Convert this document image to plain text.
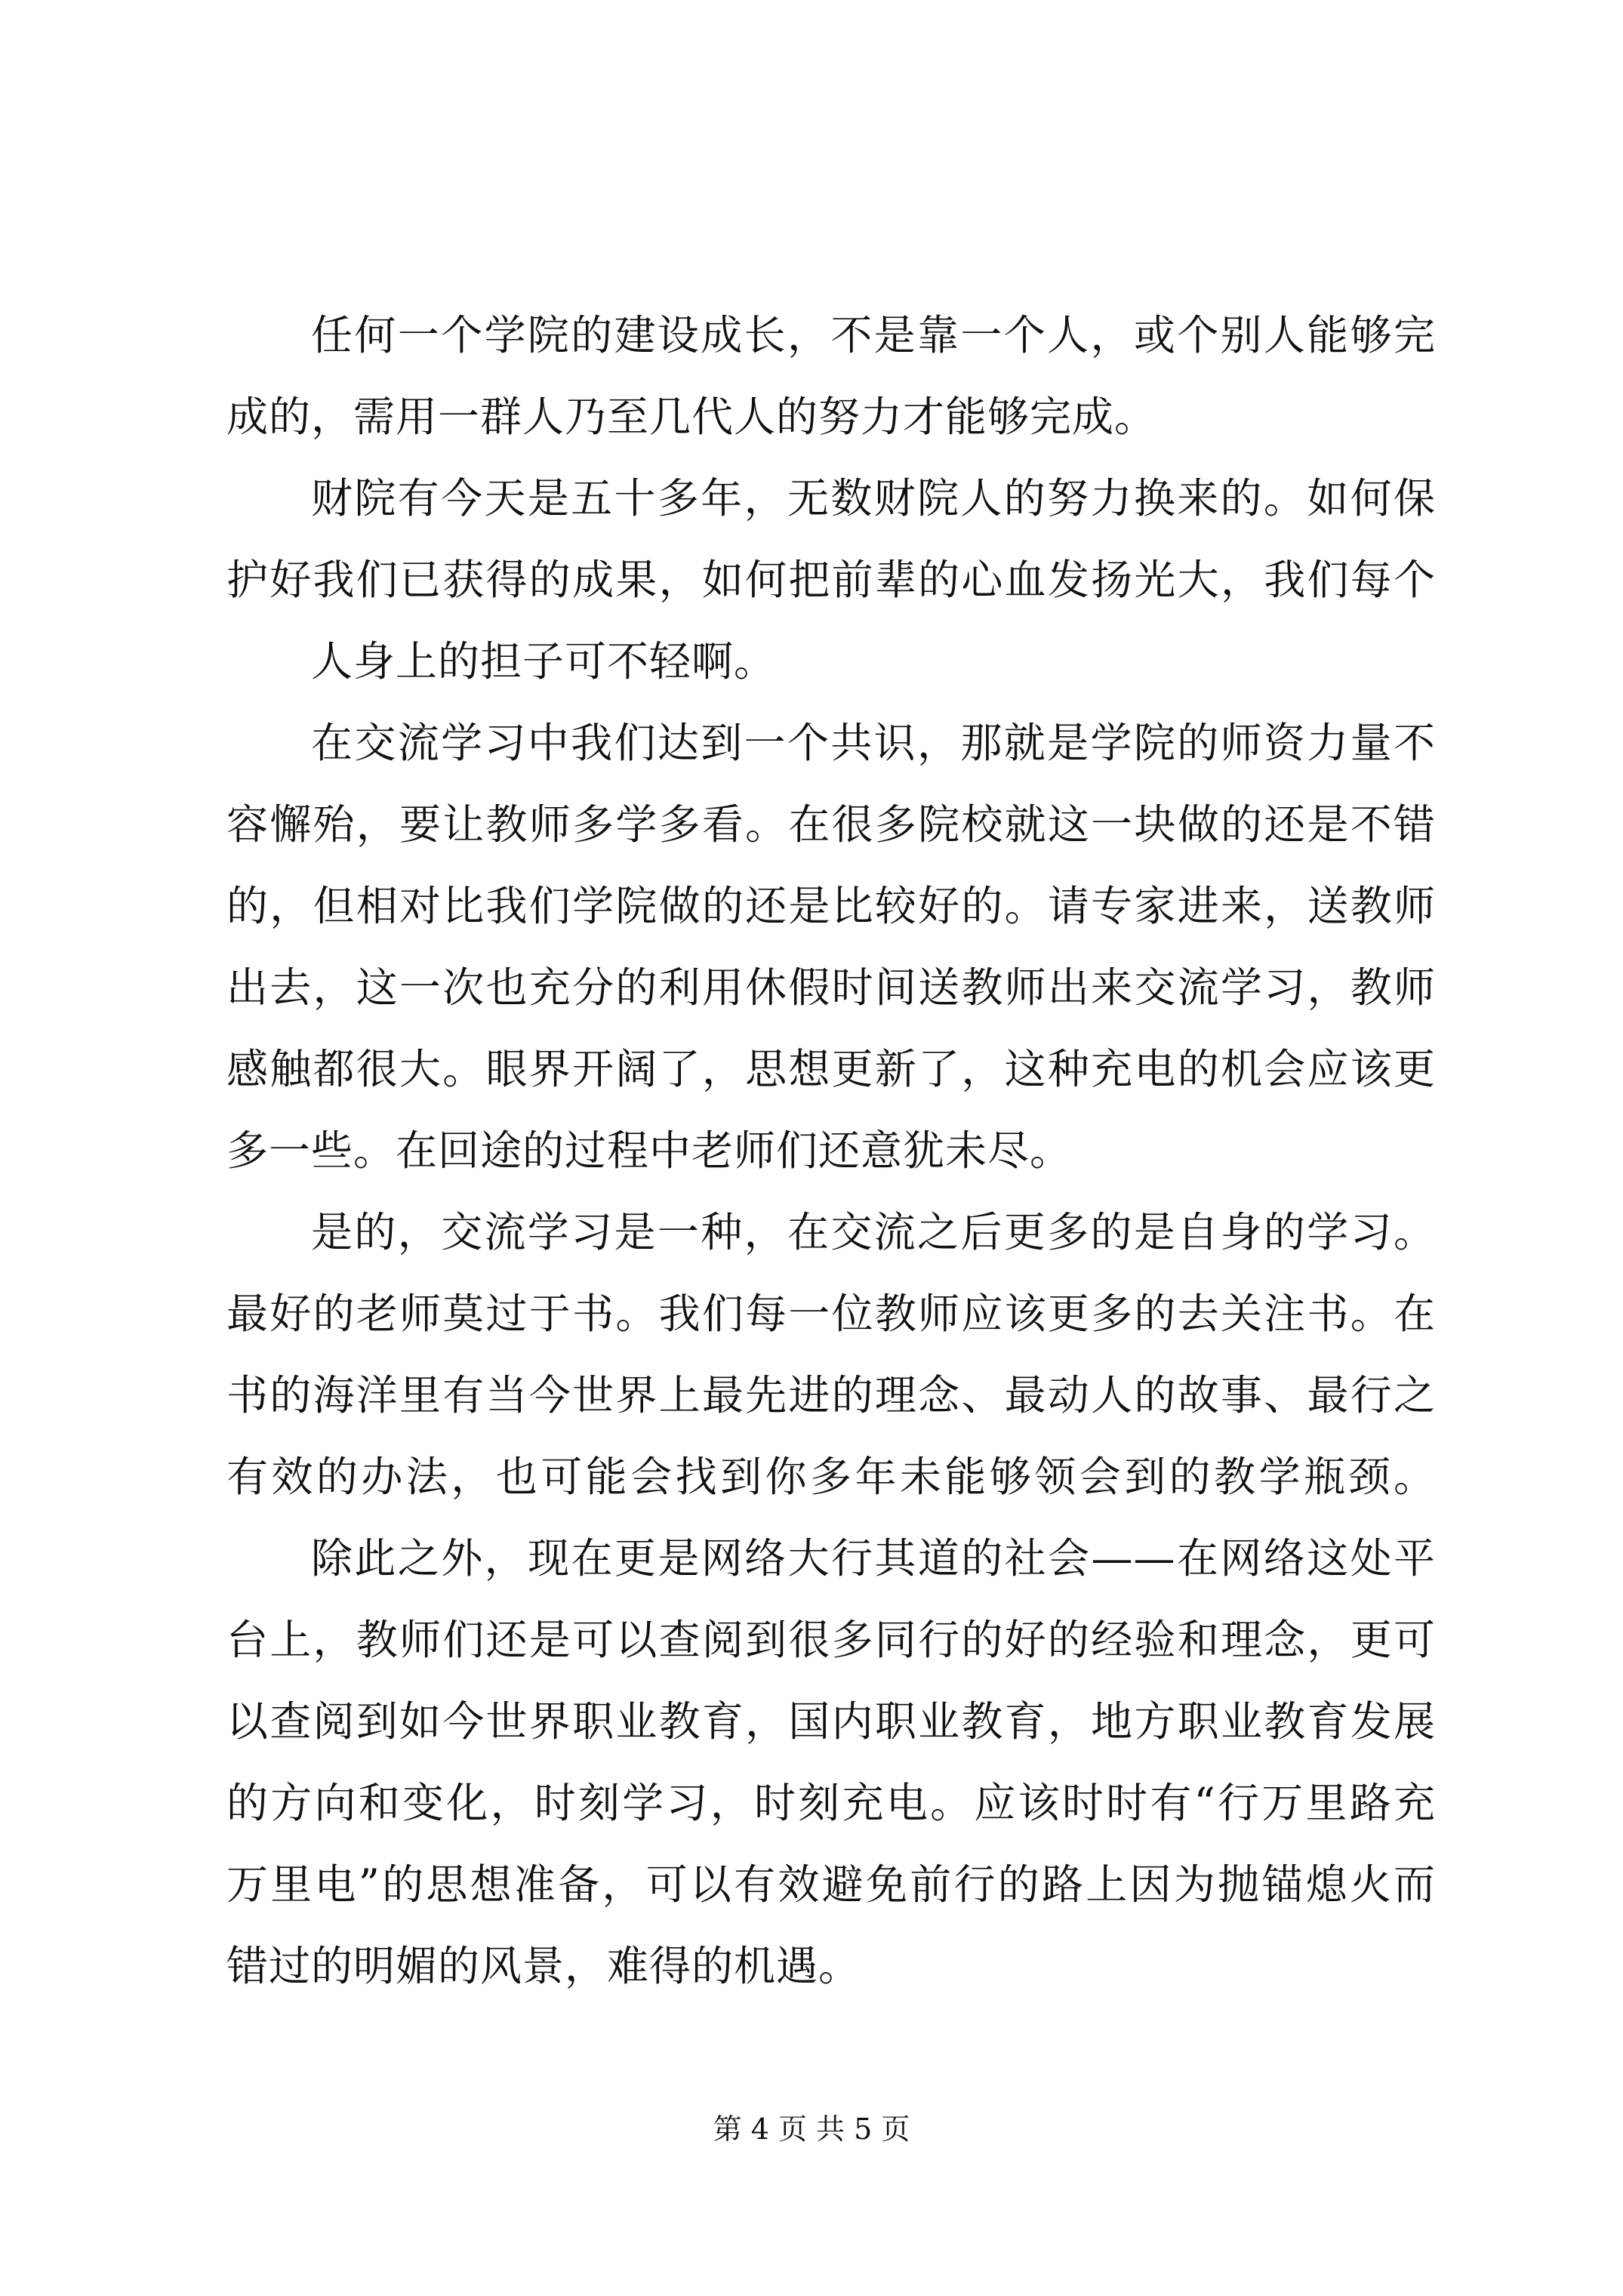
任何一个学院的建设成长，不是靠一个人，或个别人能够完
成的，需用一群人乃至几代人的努力才能够完成。
财院有今天是五十多年，无数财院人的努力换来的。如何保
护好我们已获得的成果，如何把前辈的心血发扬光大，我们每个
人身上的担子可不轻啊。
在交流学习中我们达到一个共识，那就是学院的师资力量不
容懈殆，要让教师多学多看。在很多院校就这一块做的还是不错
的，但相对比我们学院做的还是比较好的。请专家进来，送教师
出去，这一次也充分的利用休假时间送教师出来交流学习，教师
感触都很大。眼界开阔了，思想更新了，这种充电的机会应该更
多一些。在回途的过程中老师们还意犹未尽。
是的，交流学习是一种，在交流之后更多的是自身的学习。
最好的老师莫过于书。我们每一位教师应该更多的去关注书。在
书的海洋里有当今世界上最先进的理念、最动人的故事、最行之
有效的办法，也可能会找到你多年未能够领会到的教学瓶颈。
除此之外，现在更是网络大行其道的社会——在网络这处平
台上，教师们还是可以查阅到很多同行的好的经验和理念，更可
以查阅到如今世界职业教育，国内职业教育，地方职业教育发展
的方向和变化，时刻学习，时刻充电。应该时时有“行万里路充
万里电”的思想准备，可以有效避免前行的路上因为抛锚熄火而
错过的明媚的风景，难得的机遇。
第 4 页 共 5 页
